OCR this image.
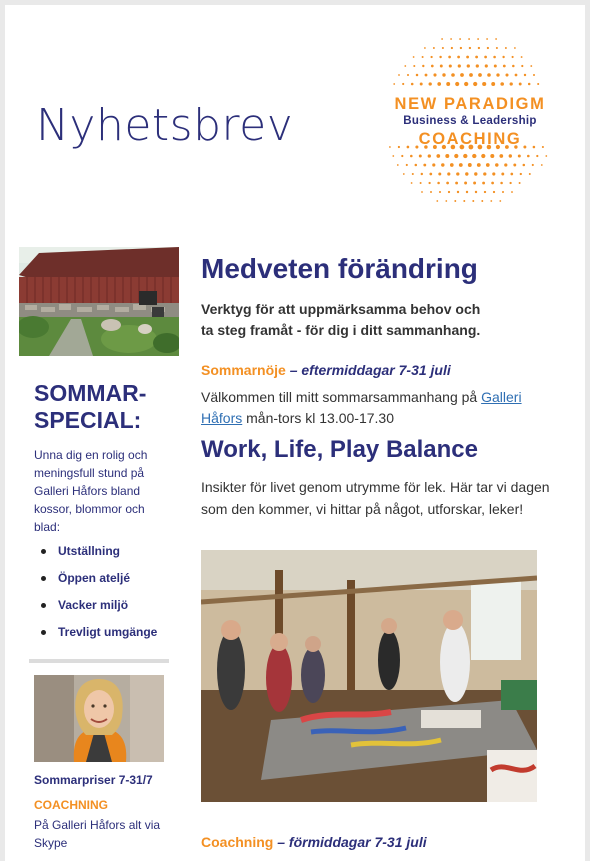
Nyhetsbrev	NEW PARADIGM
Business & Leadership
COACHING
SOMMAR-
SPECIAL:

Unna dig en rolig och meningsfull stund på Galleri Håfors bland kossor, blommor och blad:

Utställning
Öppen ateljé
Vacker miljö
Trevligt umgänge
Sommarpriser 7-31/7
COACHNING

På Galleri Håfors alt via Skype

Medveten förändring

Verktyg för att uppmärksamma behov och
ta steg framåt - för dig i ditt sammanhang.

Sommarnöje – eftermiddagar 7-31 juli

Välkommen till mitt sommarsammanhang på Galleri Håfors mån-tors kl 13.00-17.30

Work, Life, Play Balance

Insikter för livet genom utrymme för lek. Här tar vi dagen som den kommer, vi hittar på något, utforskar, leker!

Coachning – förmiddagar 7-31 juli
